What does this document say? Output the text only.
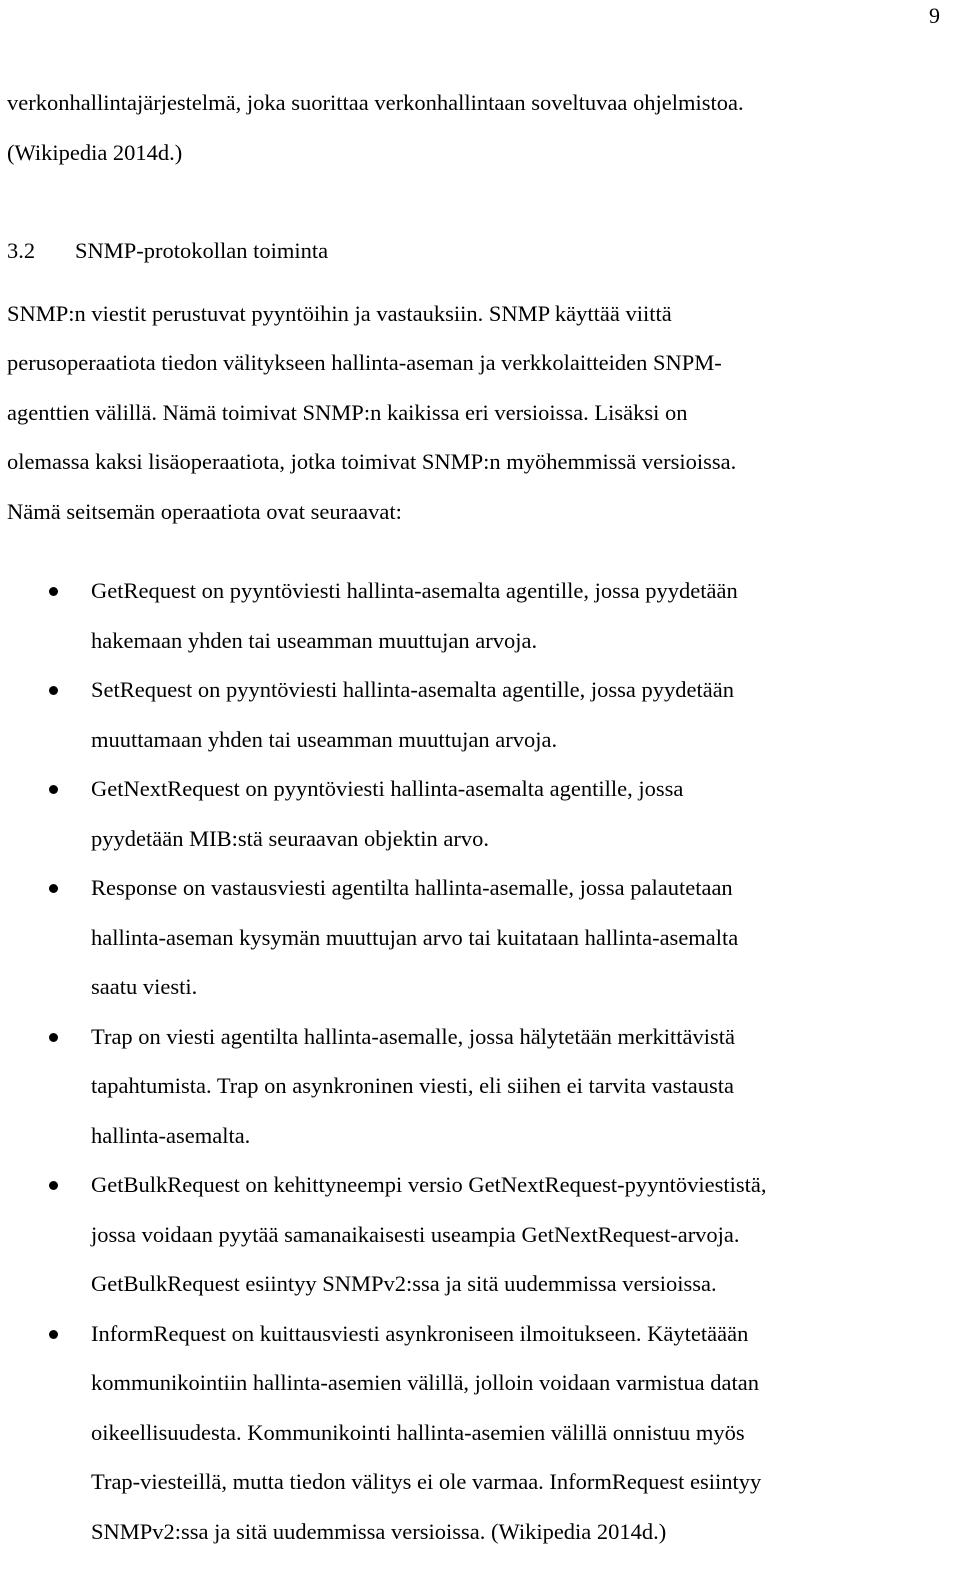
9

verkonhallintajärjestelmä, joka suorittaa verkonhallintaan soveltuvaa ohjelmistoa.
(Wikipedia 2014d.)

3.2	SNMP-protokollan toiminta

SNMP:n viestit perustuvat pyyntöihin ja vastauksiin. SNMP käyttää viittä
perusoperaatiota tiedon välitykseen hallinta-aseman ja verkkolaitteiden SNPM-
agenttien välillä. Nämä toimivat SNMP:n kaikissa eri versioissa. Lisäksi on
olemassa kaksi lisäoperaatiota, jotka toimivat SNMP:n myöhemmissä versioissa.
Nämä seitsemän operaatiota ovat seuraavat:

GetRequest on pyyntöviesti hallinta-asemalta agentille, jossa pyydetään
hakemaan yhden tai useamman muuttujan arvoja.
SetRequest on pyyntöviesti hallinta-asemalta agentille, jossa pyydetään
muuttamaan yhden tai useamman muuttujan arvoja.
GetNextRequest on pyyntöviesti hallinta-asemalta agentille, jossa
pyydetään MIB:stä seuraavan objektin arvo.
Response on vastausviesti agentilta hallinta-asemalle, jossa palautetaan
hallinta-aseman kysymän muuttujan arvo tai kuitataan hallinta-asemalta
saatu viesti.
Trap on viesti agentilta hallinta-asemalle, jossa hälytetään merkittävistä
tapahtumista. Trap on asynkroninen viesti, eli siihen ei tarvita vastausta
hallinta-asemalta.
GetBulkRequest on kehittyneempi versio GetNextRequest-pyyntöviestistä,
jossa voidaan pyytää samanaikaisesti useampia GetNextRequest-arvoja.
GetBulkRequest esiintyy SNMPv2:ssa ja sitä uudemmissa versioissa.
InformRequest on kuittausviesti asynkroniseen ilmoitukseen. Käytetäään
kommunikointiin hallinta-asemien välillä, jolloin voidaan varmistua datan
oikeellisuudesta. Kommunikointi hallinta-asemien välillä onnistuu myös
Trap-viesteillä, mutta tiedon välitys ei ole varmaa. InformRequest esiintyy
SNMPv2:ssa ja sitä uudemmissa versioissa. (Wikipedia 2014d.)
